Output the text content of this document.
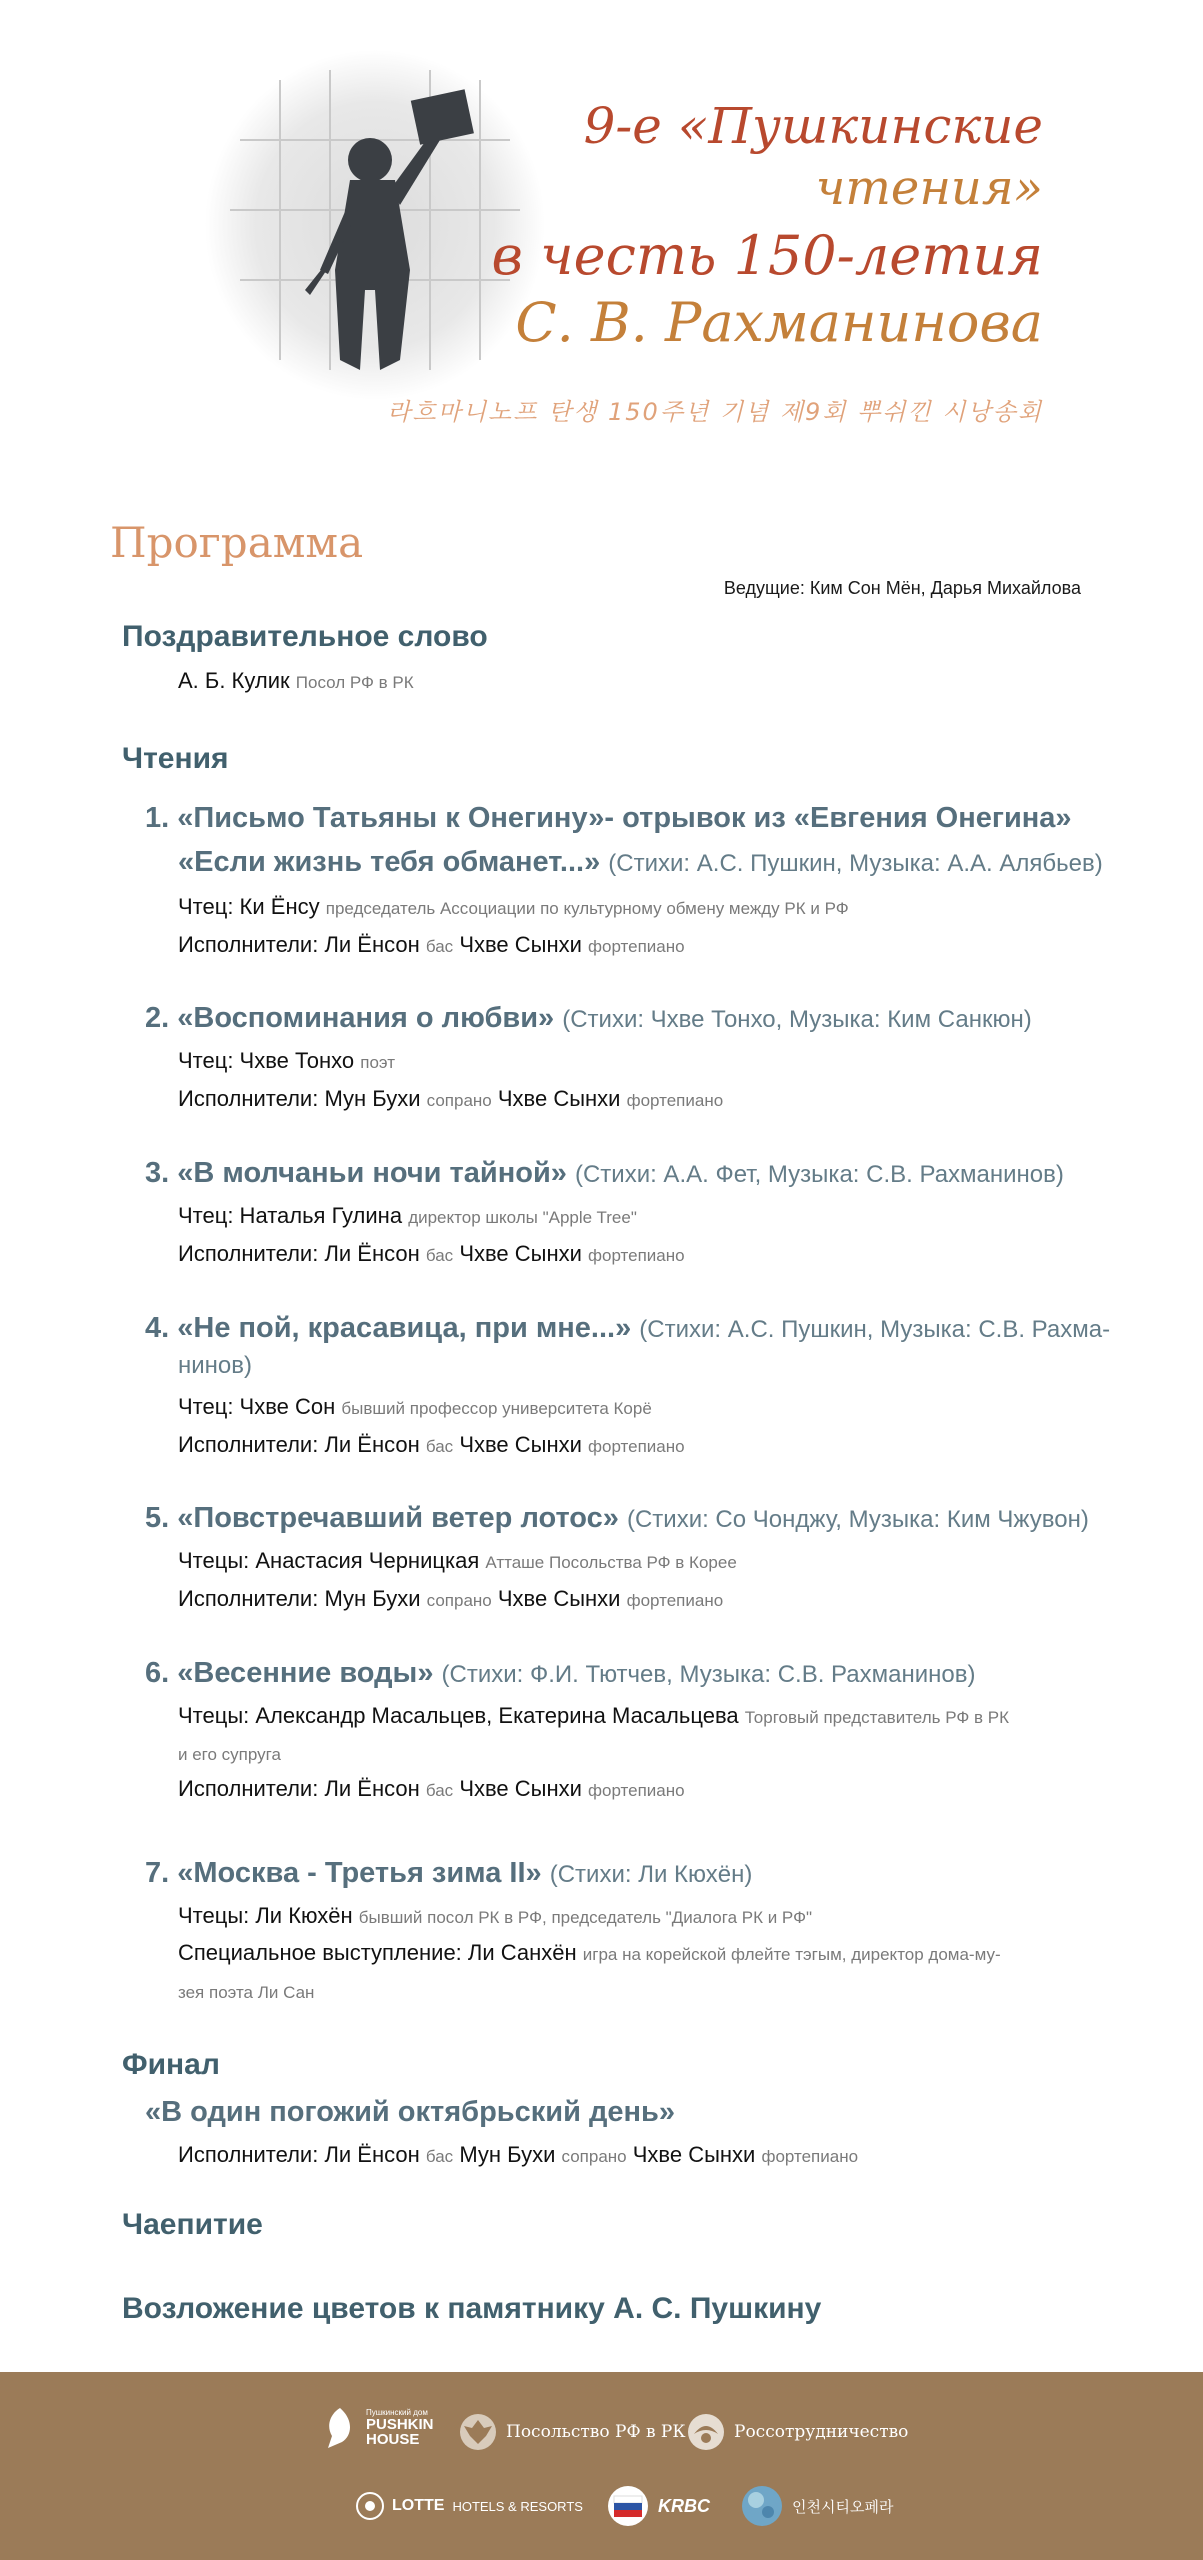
9-е «Пушкинские
чтения»
в честь 150-летия
С. В. Рахманинова
라흐마니노프 탄생 150주년 기념 제9회 뿌쉬낀 시낭송회
Программа
Ведущие: Ким Сон Мён, Дарья Михайлова
Поздравительное слово
А. Б. Кулик Посол РФ в РК
Чтения
1. «Письмо Татьяны к Онегину»- отрывок из «Евгения Онегина»
«Если жизнь тебя обманет...» (Стихи: А.С. Пушкин, Музыка: А.А. Алябьев)
Чтец: Ки Ёнсу председатель Ассоциации по культурному обмену между РК и РФ
Исполнители: Ли Ёнсон бас Чхве Сынхи фортепиано
2. «Воспоминания о любви» (Стихи: Чхве Тонхо, Музыка: Ким Санкюн)
Чтец: Чхве Тонхо поэт
Исполнители: Мун Бухи сопрано Чхве Сынхи фортепиано
3. «В молчаньи ночи тайной» (Стихи: А.А. Фет, Музыка: С.В. Рахманинов)
Чтец: Наталья Гулина директор школы "Apple Tree"
Исполнители: Ли Ёнсон бас Чхве Сынхи фортепиано
4. «Не пой, красавица, при мне...» (Стихи: А.С. Пушкин, Музыка: С.В. Рахма-
нинов)
Чтец: Чхве Сон бывший профессор университета Корё
Исполнители: Ли Ёнсон бас Чхве Сынхи фортепиано
5. «Повстречавший ветер лотос» (Стихи: Со Чонджу, Музыка: Ким Чжувон)
Чтецы: Анастасия Черницкая Атташе Посольства РФ в Корее
Исполнители: Мун Бухи сопрано Чхве Сынхи фортепиано
6. «Весенние воды» (Стихи: Ф.И. Тютчев, Музыка: С.В. Рахманинов)
Чтецы: Александр Масальцев, Екатерина Масальцева Торговый представитель РФ в РК
и его супруга
Исполнители: Ли Ёнсон бас Чхве Сынхи фортепиано
7. «Москва - Третья зима II» (Стихи: Ли Кюхён)
Чтецы: Ли Кюхён бывший посол РК в РФ, председатель "Диалога РК и РФ"
Специальное выступление: Ли Санхён игра на корейской флейте тэгым, директор дома-му-
зея поэта Ли Сан
Финал
«В один погожий октябрьский день»
Исполнители: Ли Ёнсон бас Мун Бухи сопрано Чхве Сынхи фортепиано
Чаепитие
Возложение цветов к памятнику А. С. Пушкину
Пушкинский дом
PUSHKIN
HOUSE	Посольство РФ в РК	Россотрудничество
LOTTE HOTELS & RESORTS	KRBC	인천시티오페라
